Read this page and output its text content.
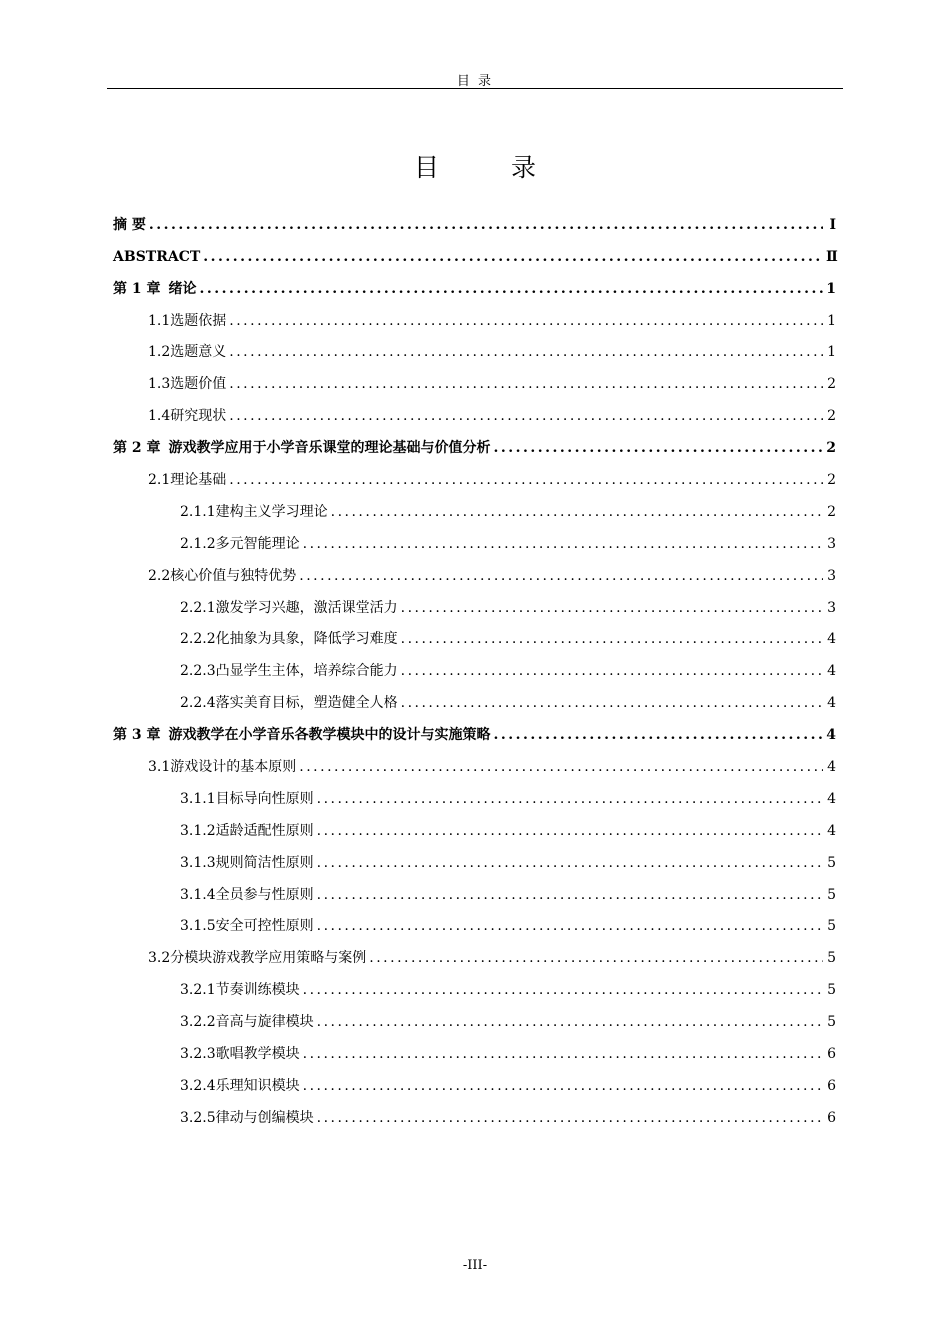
目 录
目 录
摘 要 .....	Ⅰ
ABSTRACT .....	Ⅱ
第 1 章 绪论 .....	1
1.1 选题依据 .....	1
1.2 选题意义 .....	1
1.3 选题价值 .....	2
1.4 研究现状 .....	2
第 2 章 游戏教学应用于小学音乐课堂的理论基础与价值分析 .....	2
2.1 理论基础 .....	2
2.1.1 建构主义学习理论 .....	2
2.1.2 多元智能理论 .....	3
2.2 核心价值与独特优势 .....	3
2.2.1 激发学习兴趣，激活课堂活力 .....	3
2.2.2 化抽象为具象，降低学习难度 .....	4
2.2.3 凸显学生主体，培养综合能力 .....	4
2.2.4 落实美育目标，塑造健全人格 .....	4
第 3 章 游戏教学在小学音乐各教学模块中的设计与实施策略 .....	4
3.1 游戏设计的基本原则 .....	4
3.1.1 目标导向性原则 .....	4
3.1.2 适龄适配性原则 .....	4
3.1.3 规则简洁性原则 .....	5
3.1.4 全员参与性原则 .....	5
3.1.5 安全可控性原则 .....	5
3.2 分模块游戏教学应用策略与案例 .....	5
3.2.1 节奏训练模块 .....	5
3.2.2 音高与旋律模块 .....	5
3.2.3 歌唱教学模块 .....	6
3.2.4 乐理知识模块 .....	6
3.2.5 律动与创编模块 .....	6
-III-
